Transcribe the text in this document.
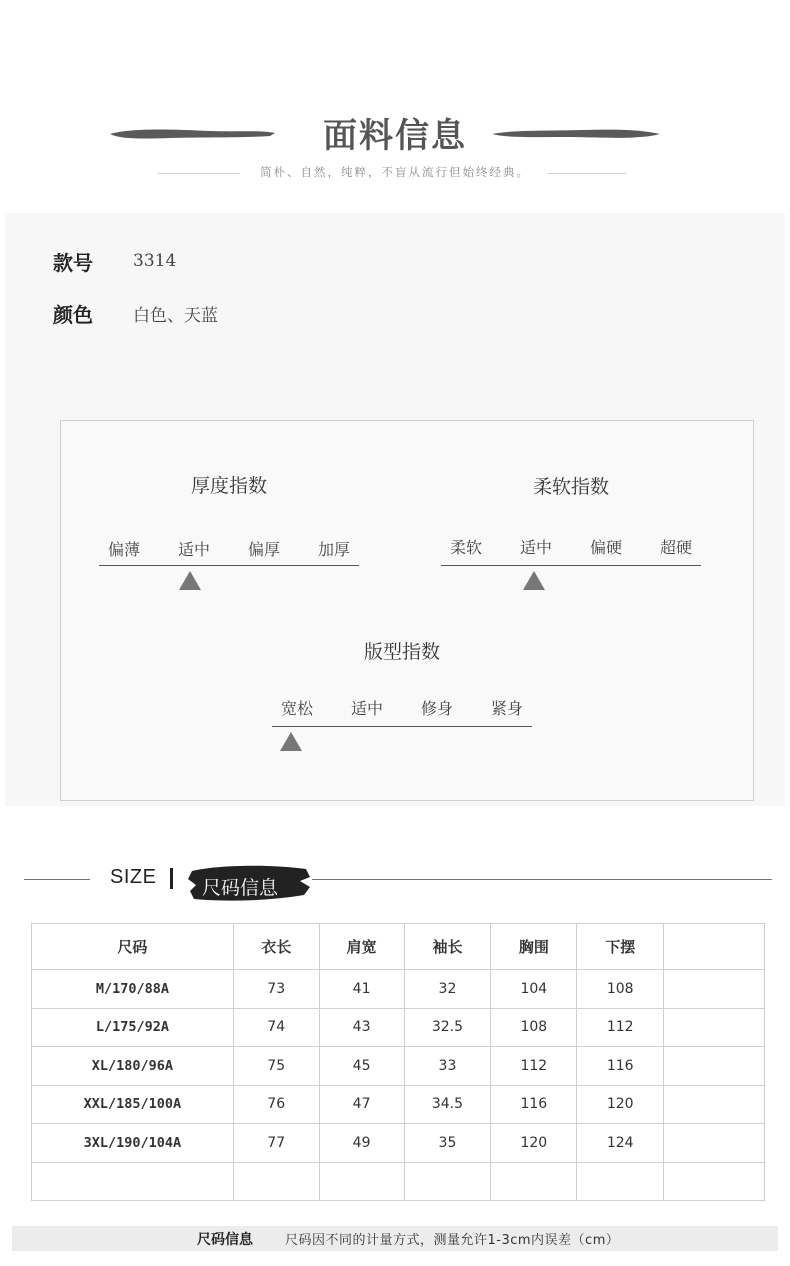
面料信息
简朴、自然，纯粹，不盲从流行但始终经典。
款号	3314
颜色	白色、天蓝
厚度指数
偏薄	适中	偏厚	加厚
柔软指数
柔软	适中	偏硬	超硬
版型指数
宽松	适中	修身	紧身
SIZE 尺码信息
尺码	衣长	肩宽	袖长	胸围	下摆	
M/170/88A	73	41	32	104	108	
L/175/92A	74	43	32.5	108	112	
XL/180/96A	75	45	33	112	116	
XXL/185/100A	76	47	34.5	116	120	
3XL/190/104A	77	49	35	120	124	

尺码信息 尺码因不同的计量方式，测量允许1-3cm内误差（cm）
